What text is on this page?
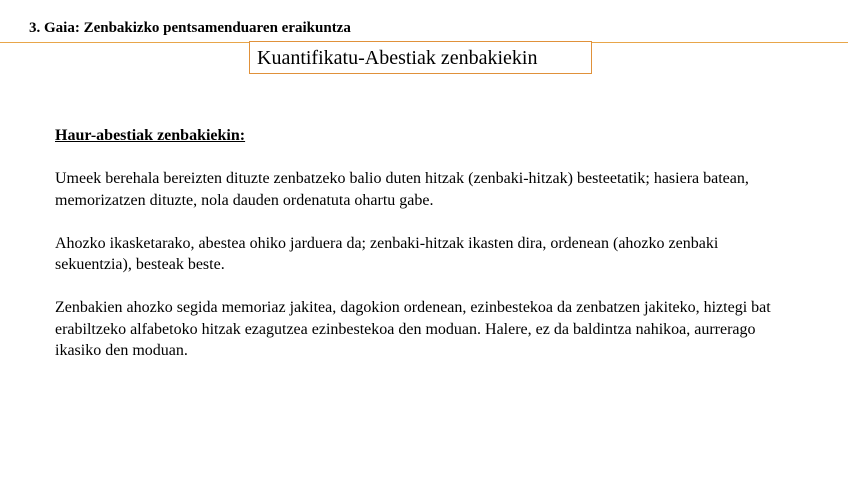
3. Gaia: Zenbakizko pentsamenduaren eraikuntza
Kuantifikatu-Abestiak zenbakiekin
Haur-abestiak zenbakiekin:

Umeek berehala bereizten dituzte zenbatzeko balio duten hitzak (zenbaki-hitzak) besteetatik; hasiera batean, memorizatzen dituzte, nola dauden ordenatuta ohartu gabe.

Ahozko ikasketarako, abestea ohiko jarduera da; zenbaki-hitzak ikasten dira, ordenean (ahozko zenbaki sekuentzia), besteak beste.

Zenbakien ahozko segida memoriaz jakitea, dagokion ordenean, ezinbestekoa da zenbatzen jakiteko, hiztegi bat erabiltzeko alfabetoko hitzak ezagutzea ezinbestekoa den moduan. Halere, ez da baldintza nahikoa, aurrerago ikasiko den moduan.
